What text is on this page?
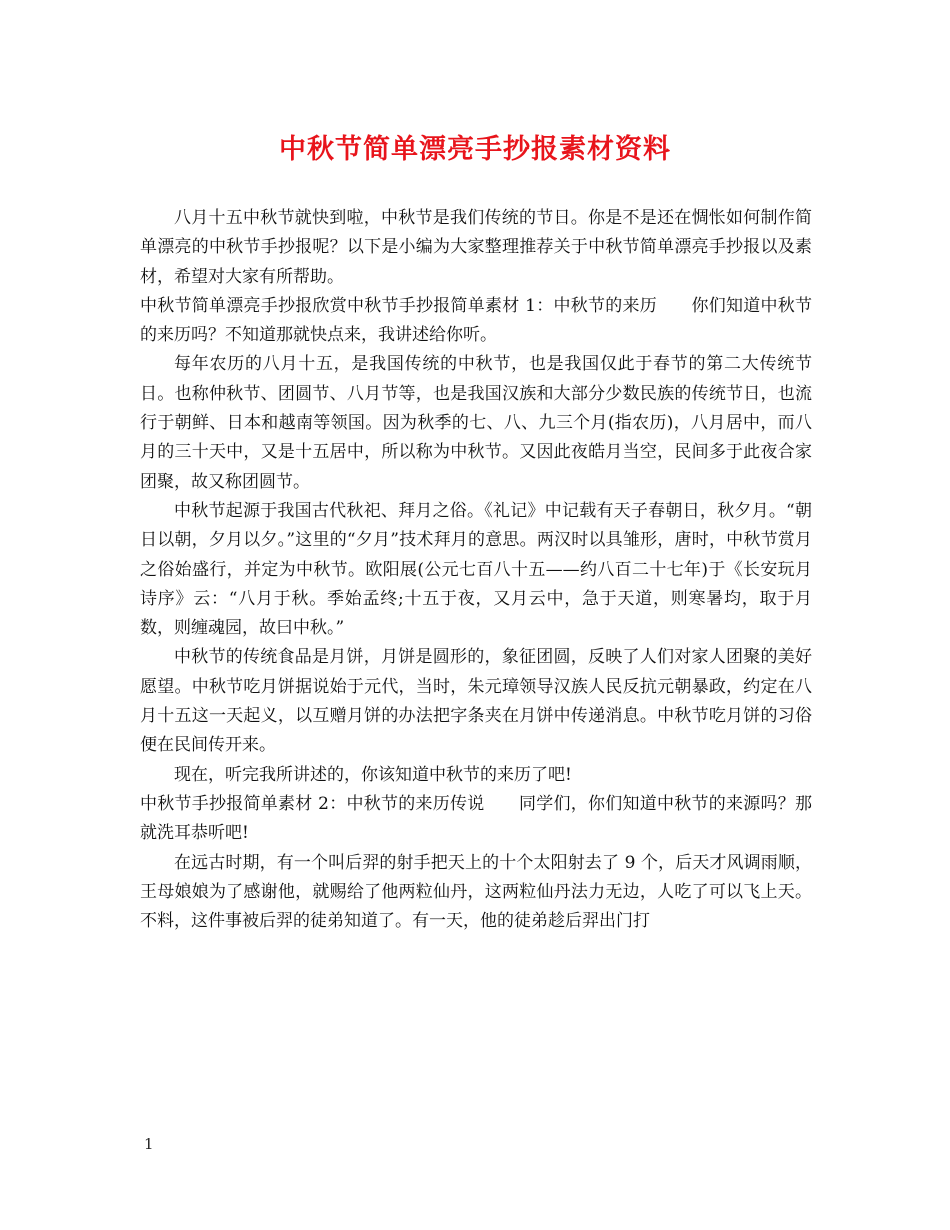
中秋节简单漂亮手抄报素材资料

八月十五中秋节就快到啦，中秋节是我们传统的节日。你是不是还在惆怅如何制作简单漂亮的中秋节手抄报呢？以下是小编为大家整理推荐关于中秋节简单漂亮手抄报以及素材，希望对大家有所帮助。

中秋节简单漂亮手抄报欣赏中秋节手抄报简单素材 1：中秋节的来历　　你们知道中秋节的来历吗？不知道那就快点来，我讲述给你听。

每年农历的八月十五，是我国传统的中秋节，也是我国仅此于春节的第二大传统节日。也称仲秋节、团圆节、八月节等，也是我国汉族和大部分少数民族的传统节日，也流行于朝鲜、日本和越南等领国。因为秋季的七、八、九三个月(指农历)，八月居中，而八月的三十天中，又是十五居中，所以称为中秋节。又因此夜皓月当空，民间多于此夜合家团聚，故又称团圆节。

中秋节起源于我国古代秋祀、拜月之俗。《礼记》中记载有天子春朝日，秋夕月。“朝日以朝，夕月以夕。”这里的“夕月”技术拜月的意思。两汉时以具雏形，唐时，中秋节赏月之俗始盛行，并定为中秋节。欧阳展(公元七百八十五——约八百二十七年)于《长安玩月诗序》云：“八月于秋。季始孟终;十五于夜，又月云中，急于天道，则寒暑均，取于月数，则缠魂园，故曰中秋。”

中秋节的传统食品是月饼，月饼是圆形的，象征团圆，反映了人们对家人团聚的美好愿望。中秋节吃月饼据说始于元代，当时，朱元璋领导汉族人民反抗元朝暴政，约定在八月十五这一天起义，以互赠月饼的办法把字条夹在月饼中传递消息。中秋节吃月饼的习俗便在民间传开来。

现在，听完我所讲述的，你该知道中秋节的来历了吧!

中秋节手抄报简单素材 2：中秋节的来历传说　　同学们，你们知道中秋节的来源吗？那就洗耳恭听吧!

在远古时期，有一个叫后羿的射手把天上的十个太阳射去了 9 个，后天才风调雨顺，王母娘娘为了感谢他，就赐给了他两粒仙丹，这两粒仙丹法力无边，人吃了可以飞上天。不料，这件事被后羿的徒弟知道了。有一天，他的徒弟趁后羿出门打

1
